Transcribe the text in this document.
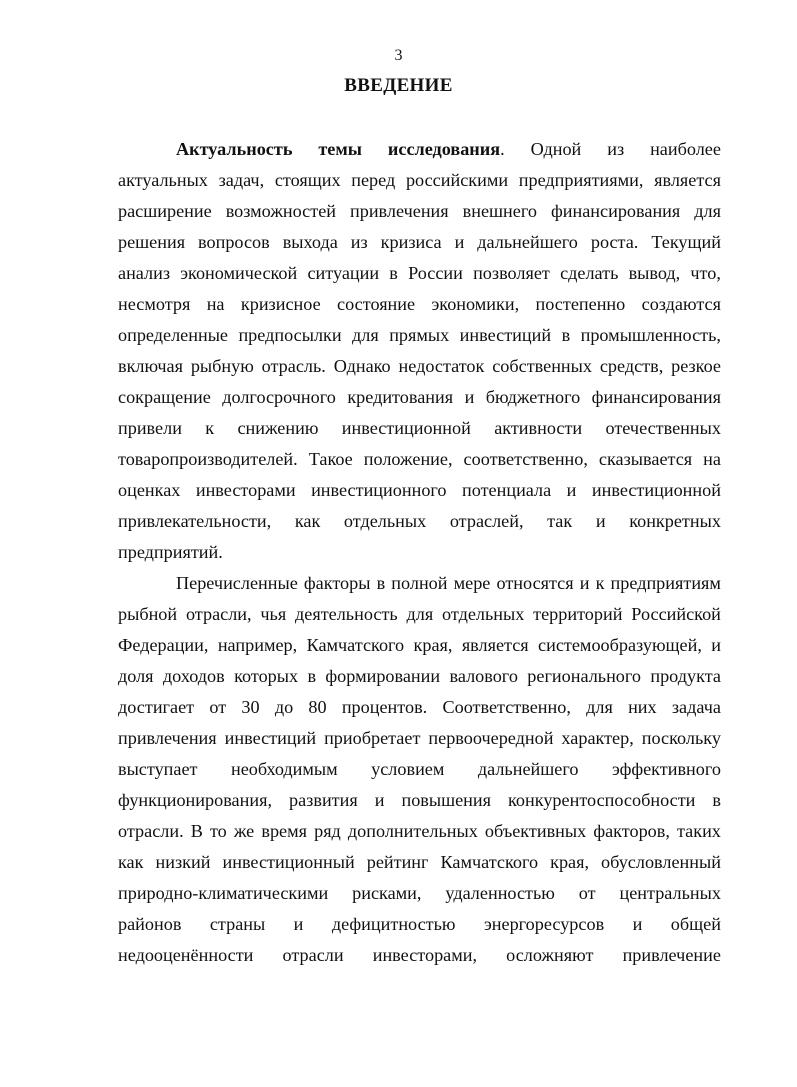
3
ВВЕДЕНИЕ
Актуальность темы исследования. Одной из наиболее
актуальных задач, стоящих перед российскими предприятиями, является
расширение возможностей привлечения внешнего финансирования для
решения вопросов выхода из кризиса и дальнейшего роста. Текущий
анализ экономической ситуации в России позволяет сделать вывод, что,
несмотря на кризисное состояние экономики, постепенно создаются
определенные предпосылки для прямых инвестиций в промышленность,
включая рыбную отрасль. Однако недостаток собственных средств, резкое
сокращение долгосрочного кредитования и бюджетного финансирования
привели к снижению инвестиционной активности отечественных
товаропроизводителей. Такое положение, соответственно, сказывается на
оценках инвесторами инвестиционного потенциала и инвестиционной
привлекательности, как отдельных отраслей, так и конкретных
предприятий.
Перечисленные факторы в полной мере относятся и к предприятиям
рыбной отрасли, чья деятельность для отдельных территорий Российской
Федерации, например, Камчатского края, является системообразующей, и
доля доходов которых в формировании валового регионального продукта
достигает от 30 до 80 процентов. Соответственно, для них задача
привлечения инвестиций приобретает первоочередной характер, поскольку
выступает необходимым условием дальнейшего эффективного
функционирования, развития и повышения конкурентоспособности в
отрасли. В то же время ряд дополнительных объективных факторов, таких
как низкий инвестиционный рейтинг Камчатского края, обусловленный
природно-климатическими рисками, удаленностью от центральных
районов страны и дефицитностью энергоресурсов и общей
недооценённости отрасли инвесторами, осложняют привлечение
